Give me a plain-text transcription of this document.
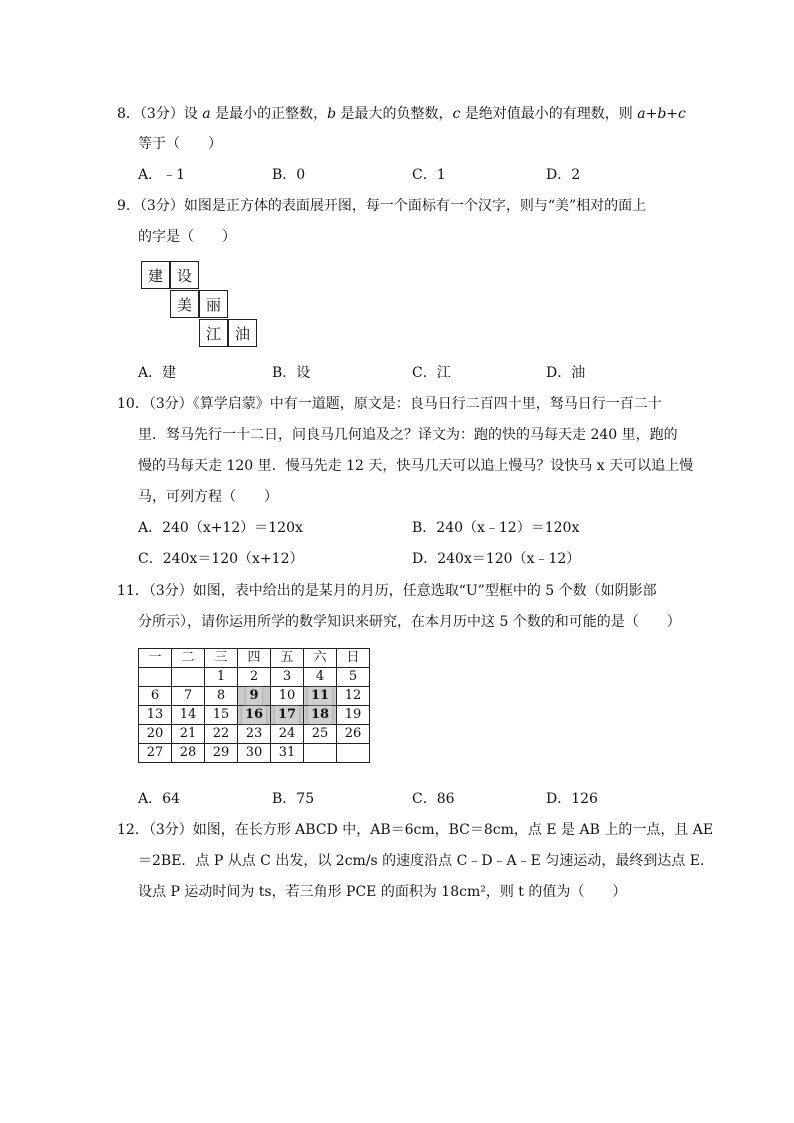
8．（3分）设 a 是最小的正整数，b 是最大的负整数，c 是绝对值最小的有理数，则 a+b+c
等于（　　）
A．﹣1	B．0	C．1	D．2
9．（3分）如图是正方体的表面展开图，每一个面标有一个汉字，则与“美”相对的面上
的字是（　　）
建 设
美 丽
江 油
A．建	B．设	C．江	D．油
10．（3分）《算学启蒙》中有一道题，原文是：良马日行二百四十里，驽马日行一百二十
里．驽马先行一十二日，问良马几何追及之？译文为：跑的快的马每天走 240 里，跑的
慢的马每天走 120 里．慢马先走 12 天，快马几天可以追上慢马？设快马 x 天可以追上慢
马，可列方程（　　）
A．240（x+12）＝120x	B．240（x﹣12）＝120x
C．240x＝120（x+12）	D．240x＝120（x﹣12）
11．（3分）如图，表中给出的是某月的月历，任意选取“U”型框中的 5 个数（如阴影部
分所示），请你运用所学的数学知识来研究，在本月历中这 5 个数的和可能的是（　　）
一	二	三	四	五	六	日
		1	2	3	4	5
6	7	8	9	10	11	12
13	14	15	16	17	18	19
20	21	22	23	24	25	26
27	28	29	30	31		
A．64	B．75	C．86	D．126
12．（3分）如图，在长方形 ABCD 中，AB＝6cm，BC＝8cm，点 E 是 AB 上的一点，且 AE
＝2BE．点 P 从点 C 出发，以 2cm/s 的速度沿点 C﹣D﹣A﹣E 匀速运动，最终到达点 E．
设点 P 运动时间为 ts，若三角形 PCE 的面积为 18cm²，则 t 的值为（　　）
